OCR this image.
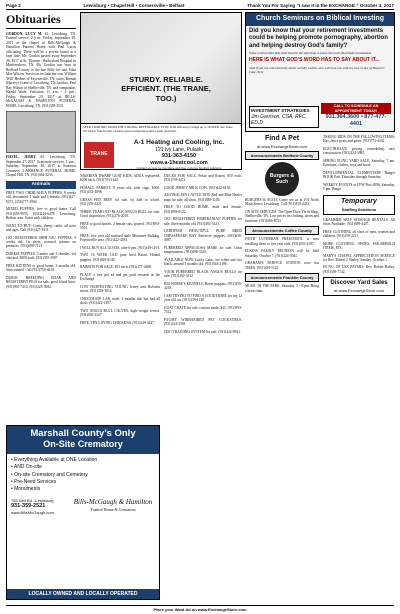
Page 2	Lewisburg • Chapel Hill • Cornersville • Belfast	Thank You For Saying “I saw it in the EXCHANGE.” October 4, 2017
Obituaries

GORDON, LUCY M. 62, Lewisburg, TN. Funeral service, 2 p.m., Friday, September 29, 2017 at the chapel of Bills-McGaugh & Hamilton Funeral Home with Paul Lucas officiating. There will be a private burial at a later date. Ms. Gordon passed away September 26, 2017 at St. Thomas - Rutherford Hospital in Murfreesboro, TN. Ms. Gordon was born in Bedford County to the late Billy Joe and Edna Mae Wilson. Survivors include her son, William 'Will' Herbert of Fayetteville, TN; sister, Brenda (Harvey) Crane of Lewisburg, TN; brother, Paul Ray Wilson of Shelbyville, TN; and companion, Harold Wade. Visitation, 11 a.m. - 2 p.m., Friday, September 29, 2017 at BILLS-McGAUGH & HAMILTON FUNERAL HOME, Lewisburg, TN. (931)359-2521.

HAZEL, JERRY 65, Lewisburg, TN. September 27, 2017. Graveside services, 1 p.m., Saturday, September 30, 2017 at Swanson Cemetery. LAWRENCE FUNERAL HOME, Chapel Hill, TN. (931)364-2233.

Animals

FREE TWO CHIHUAHUA PUPPIES, 8 weeks old, dewormed, 1 male and 1 female. (931)427-9471, (256)777-3984.

MIXED PUPPIES, free to good home. Call (931)359-9955, (931)224-6478. Lewisburg, Belfast area. Great with children.

WANT TO BUY: Goats, sheep, cattle, all sizes and ages. Call (931)427-3911.

CKC REGISTERED SHIH TZU PUPPIES, 9 weeks old, 1st shots, wormed, parents on premises. (931)698-7113.

DORKIE PUPPIES, 5 males and 3 females, vet checked. $300 each. (931)355-3987.

FREE KITTENS to good home. 3 months old, litter trained. Call (931)759-4618.

DUROC BREEDING BOAR AND REGISTERED PIGS for sale, good blood lines. (931)993-7410, (931)225-3982.

Marshall County’s Only
On-Site Crematory
• Everything Available at ONE Location
• AND On-site
• On-site Crematory and Cemetery
• Pre-Need Services
• Monuments
755 Nell Rd., Lewisburg
931-359-2521
www.BillsMcGaugh.com
Bills-McGaugh & Hamilton
Funeral Home & Cremation
LOCALLY OWNED AND LOCALLY OPERATED
STURDY. RELIABLE. EFFICIENT. (THE TRANE, TOO.)
SEEK COMFORT FROM THE STRONG, DEPENDABLE TYPE. With efficiency ratings up to 18 SEER, the Trane XV18 has features like variable speed compression and a quiet operation.
TRANE
A-1 Heating and Cooling, Inc.
121 Ivy Lane, Pulaski
931-363-4150
www.a-1heatcool.com
Contact us now for complete and free in-home comfort solutions

NIGERIAN DWARF GOAT KIDS, ADGA registered, $200 each. (931)703-1442.

FEMALE PARROT, 8 years old, with cage, $500. (931)433-4098.

GRASS FED BEEF for sale, by half or whole. (931)359-4221.

THREE YEAR OLD BLACK ANGUS BULL for sale. Good disposition. (931)276-2018.

FREE to good homes, 2 female cats, spayed. (931)993-5501.

FREE, five year old mustard male Miniature Bulldog. Fayetteville area. (931)422-4581.

I WILL BUY ALL GOATS, after 6 pm. (931)349-1193.

TWO 16 WEEK OLD pure bred Basset Hound puppies. (931)629-8140.

RABBITS FOR SALE, $15 each. (931)277-4408.

PLACE a free pet ad and get paid rewards in the Exchange.

COW HARVESTING YOUNG Jersey and Holstein steers. (931)359-3014.

CHOCOLATE LAB, male, 4 months old, has had all shots. (931)422-1497.

TWO ANGUS BULL CALVES, high weight record. (931)492-3327.

FREE, TEN LAYING CHICKENS. (931)349-4127.

DUCKS FOR SALE, Pekin and Rouen, $10 each. (931)703-4411.

GOOD JERSEY MILK COW, (931)422-6155.

AUSTRALIAN CATTLE DOG Red and Blue Heeler pups for sale, all shots. (931)388-3149.

FREE TO GOOD HOME, male and female. (931)993-8122.

CKC REGISTERED POMERANIAN PUPPIES for sale, three months old. (931)492-5321.

CERTIFIED BEAUTIFUL PURE BRED CHESAPEAKE BAY Retriever puppies. (615)636-4987.

PUREBRED APPALOOSA MARE for sale. Great temperament. (931)698-3316.

AVAILABLE NOW, Gorky Lake, two white and two black, around 5 months old. (931)363-2186.

YOUR PUREBRED BLACK ANGUS BULLS for sale. (931)492-3212.

BIG HORSE'S KENNELS. Boxer puppies. (931)359-4218.

I AM TRYING TO FIND A GOOD HOME for my 12 year old cat. (931)359-1138.

GOAT CRATE for sale, custom made, $45. (931)993-7412.

PYGMY WIREHAIRED PET COCKATIELS. (931)224-3581.

DOG TRAINING SYSTEM for sale. (931)422-8941.

Church Seminars on Biblical Investing
Did you know that your retirement investments could be helping promote pornography, abortion and helping destroy God’s family?
Some would rather hide their head in the sand than to know the truth about their investments.
HERE IS WHAT GOD’S WORD HAS TO SAY ABOUT IT...
'And if you are untrustworthy about worldly wealth, who will trust you with the true riches of Heaven?' Luke 16:11
INVESTMENT STRATEGIES
Jim Garrison, CSA, RFC, ED.D
CALL TO SCHEDULE AN APPOINTMENT TODAY!
931.364.3600 • 877-477-4401
Find A Pet
at www.ExchangeStore.com
Announcements Bedford County
Burgers & Such

BURGERS & SUCH. Come see us at 101 North Main Street, Lewisburg. Call (931)359-4433.

ON SITE SERVICES. The Open Door Thrift Shop, Shelbyville, TN. Low prices on clothing, shoes and furniture. (931)684-8733.

Announcements Coffee County

FAITH LUTHERAN PRESCHOOL is now enrolling three to five year olds. (931)455-3187.

ELKINS FAMILY REUNION will be held Saturday, October 7. (931)224-3941.

GRAHAM'S SERVICE STATION now has TIRES. (931)359-5122.

Announcements Franklin County

MUSIC IN THE PARK, Saturday, 5 - 8 pm. Bring a lawn chair.

TAKING BIDS ON THE FOLLOWING ITEMS: Hay, fence posts and gates. (931)773-4432.

ELECTRICIAN, pricing, remodeling, new construction. (931)224-3982.

SPRING FLING YARD SALE, Saturday, 7 am. Furniture, clothes, toys and more.

DEVELOPMENTAL ELEMENTARY Ranger BOOK Fair, Thursday through Saturday.

WEEKLY EVENTS at VFW Post 4096, Saturday, 1 pm. Bingo.

Temporary
Staffing Solutions

GRAMMER SELF STORAGE RENTALS. All Sizes Available. (931)388-4447.

FREE CLOTHING all sizes of men, women and children. (931)359-2211.

MORE CLOTHING, SHOES, HOUSEHOLD ITEMS, ETC.

MARY'S CHAPEL APPRECIATION SERVICE for Rev. Robert J. Bailey, Sunday, October 1.

IN NO. OF TAX PAYERS: Rev. Robert Bailey. (931)359-7142.

Discover Yard Sales
at www.ExchangeStore.com
Place your Want Ad on www.ExchangeStore.com
